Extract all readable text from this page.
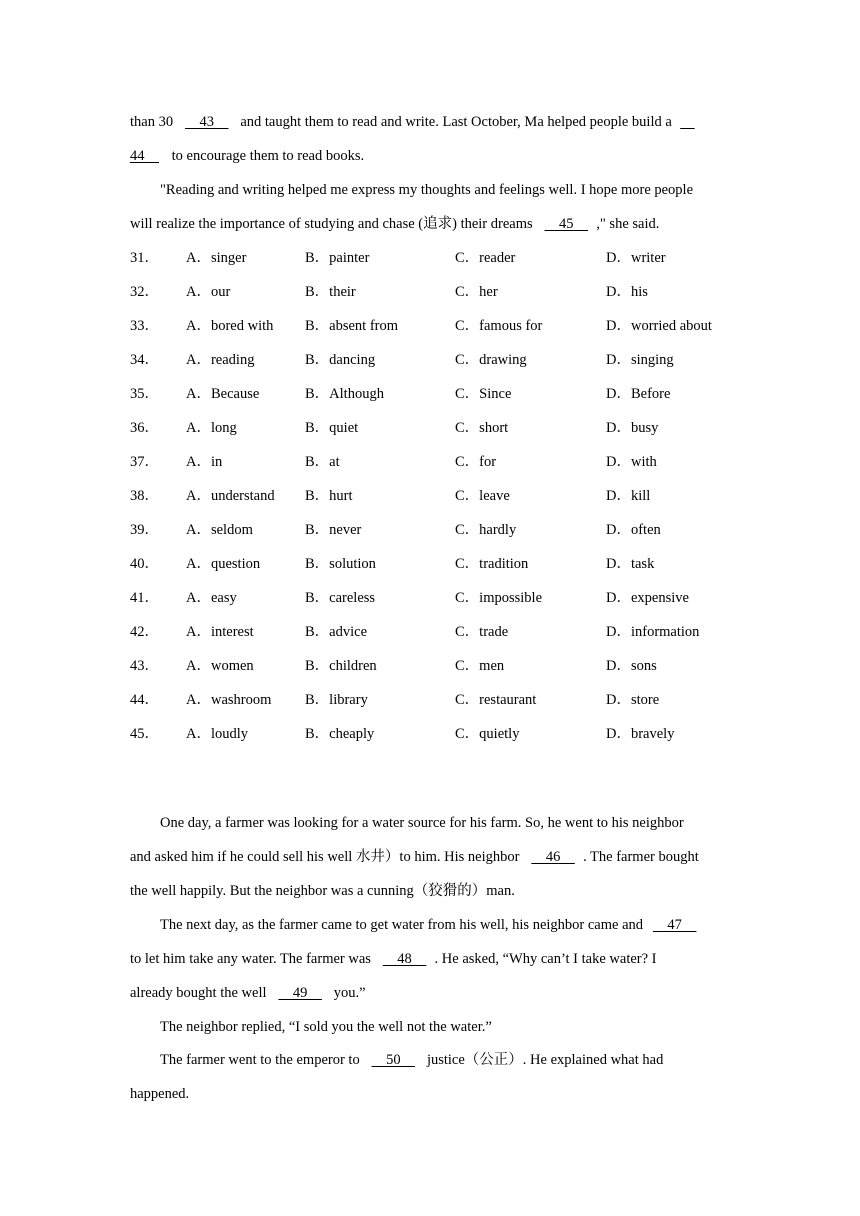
than 30     43     and taught them to read and write. Last October, Ma helped people build a
44     to encourage them to read books.
"Reading and writing helped me express my thoughts and feelings well. I hope more people
will realize the importance of studying and chase (追求) their dreams     45    ," she said.
31． A．singer	B．painter	C．reader	D．writer
32． A．our	B．their	C．her	D．his
33． A．bored with B．absent from	C．famous for	D．worried about
34． A．reading	B．dancing	C．drawing	D．singing
35． A．Because	B．Although	C．Since	D．Before
36． A．long	B．quiet	C．short	D．busy
37． A．in	B．at	C．for	D．with
38． A．understand B．hurt	C．leave	D．kill
39． A．seldom	B．never	C．hardly	D．often
40． A．question	B．solution	C．tradition	D．task
41． A．easy	B．careless	C．impossible	D．expensive
42． A．interest	B．advice	C．trade	D．information
43． A．women	B．children	C．men	D．sons
44． A．washroom B．library	C．restaurant	D．store
45． A．loudly	B．cheaply	C．quietly	D．bravely
One day, a farmer was looking for a water source for his farm. So, he went to his neighbor
and asked him if he could sell his well 水井）to him. His neighbor     46    . The farmer bought
the well happily. But the neighbor was a cunning（狡猾的）man.
The next day, as the farmer came to get water from his well, his neighbor came and     47
to let him take any water. The farmer was     48    . He asked, “Why can’t I take water? I
already bought the well     49     you.”
The neighbor replied, “I sold you the well not the water.”
The farmer went to the emperor to     50     justice（公正）. He explained what had
happened.
